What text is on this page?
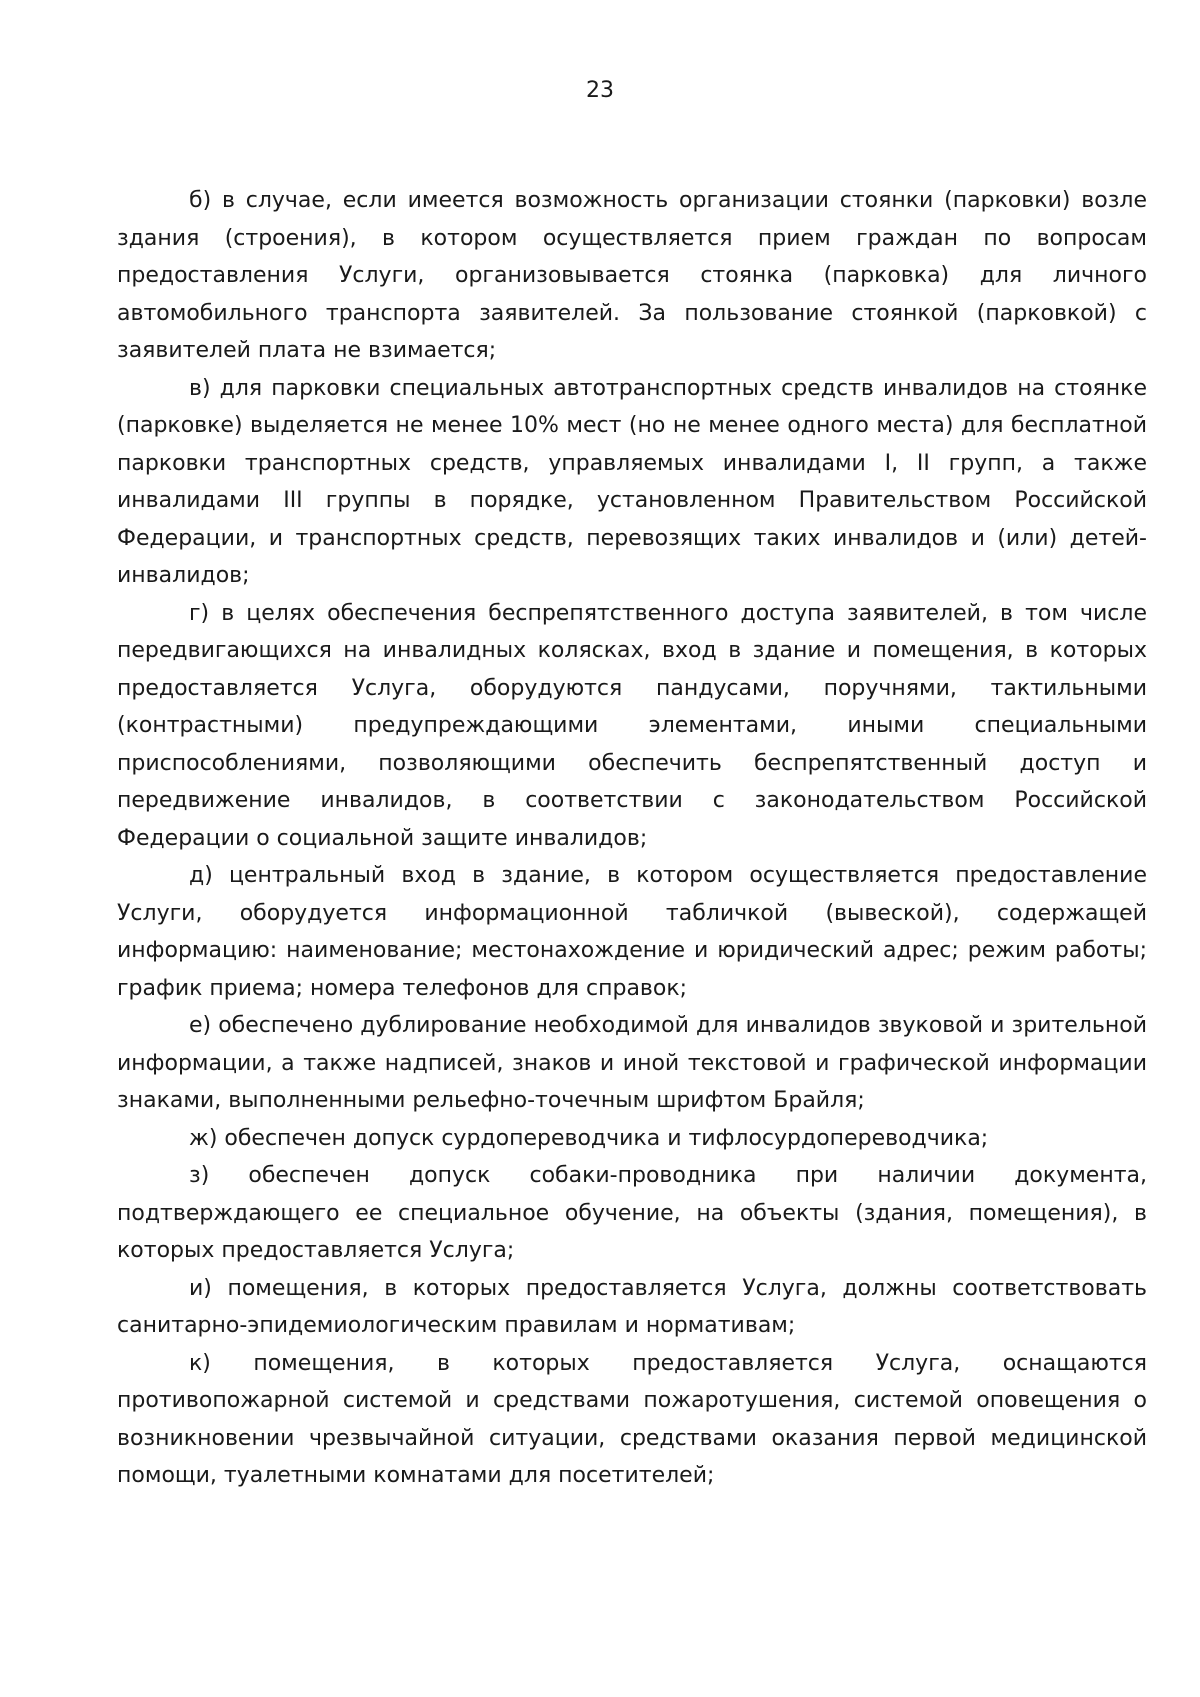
23

б) в случае, если имеется возможность организации стоянки (парковки) возле здания (строения), в котором осуществляется прием граждан по вопросам предоставления Услуги, организовывается стоянка (парковка) для личного автомобильного транспорта заявителей. За пользование стоянкой (парковкой) с заявителей плата не взимается;

в) для парковки специальных автотранспортных средств инвалидов на стоянке (парковке) выделяется не менее 10% мест (но не менее одного места) для бесплатной парковки транспортных средств, управляемых инвалидами I, II групп, а также инвалидами III группы в порядке, установленном Правительством Российской Федерации, и транспортных средств, перевозящих таких инвалидов и (или) детей-инвалидов;

г) в целях обеспечения беспрепятственного доступа заявителей, в том числе передвигающихся на инвалидных колясках, вход в здание и помещения, в которых предоставляется Услуга, оборудуются пандусами, поручнями, тактильными (контрастными) предупреждающими элементами, иными специальными приспособлениями, позволяющими обеспечить беспрепятственный доступ и передвижение инвалидов, в соответствии с законодательством Российской Федерации о социальной защите инвалидов;

д) центральный вход в здание, в котором осуществляется предоставление Услуги, оборудуется информационной табличкой (вывеской), содержащей информацию: наименование; местонахождение и юридический адрес; режим работы; график приема; номера телефонов для справок;

е) обеспечено дублирование необходимой для инвалидов звуковой и зрительной информации, а также надписей, знаков и иной текстовой и графической информации знаками, выполненными рельефно-точечным шрифтом Брайля;

ж) обеспечен допуск сурдопереводчика и тифлосурдопереводчика;

з) обеспечен допуск собаки-проводника при наличии документа, подтверждающего ее специальное обучение, на объекты (здания, помещения), в которых предоставляется Услуга;

и) помещения, в которых предоставляется Услуга, должны соответствовать санитарно-эпидемиологическим правилам и нормативам;

к) помещения, в которых предоставляется Услуга, оснащаются противопожарной системой и средствами пожаротушения, системой оповещения о возникновении чрезвычайной ситуации, средствами оказания первой медицинской помощи, туалетными комнатами для посетителей;
